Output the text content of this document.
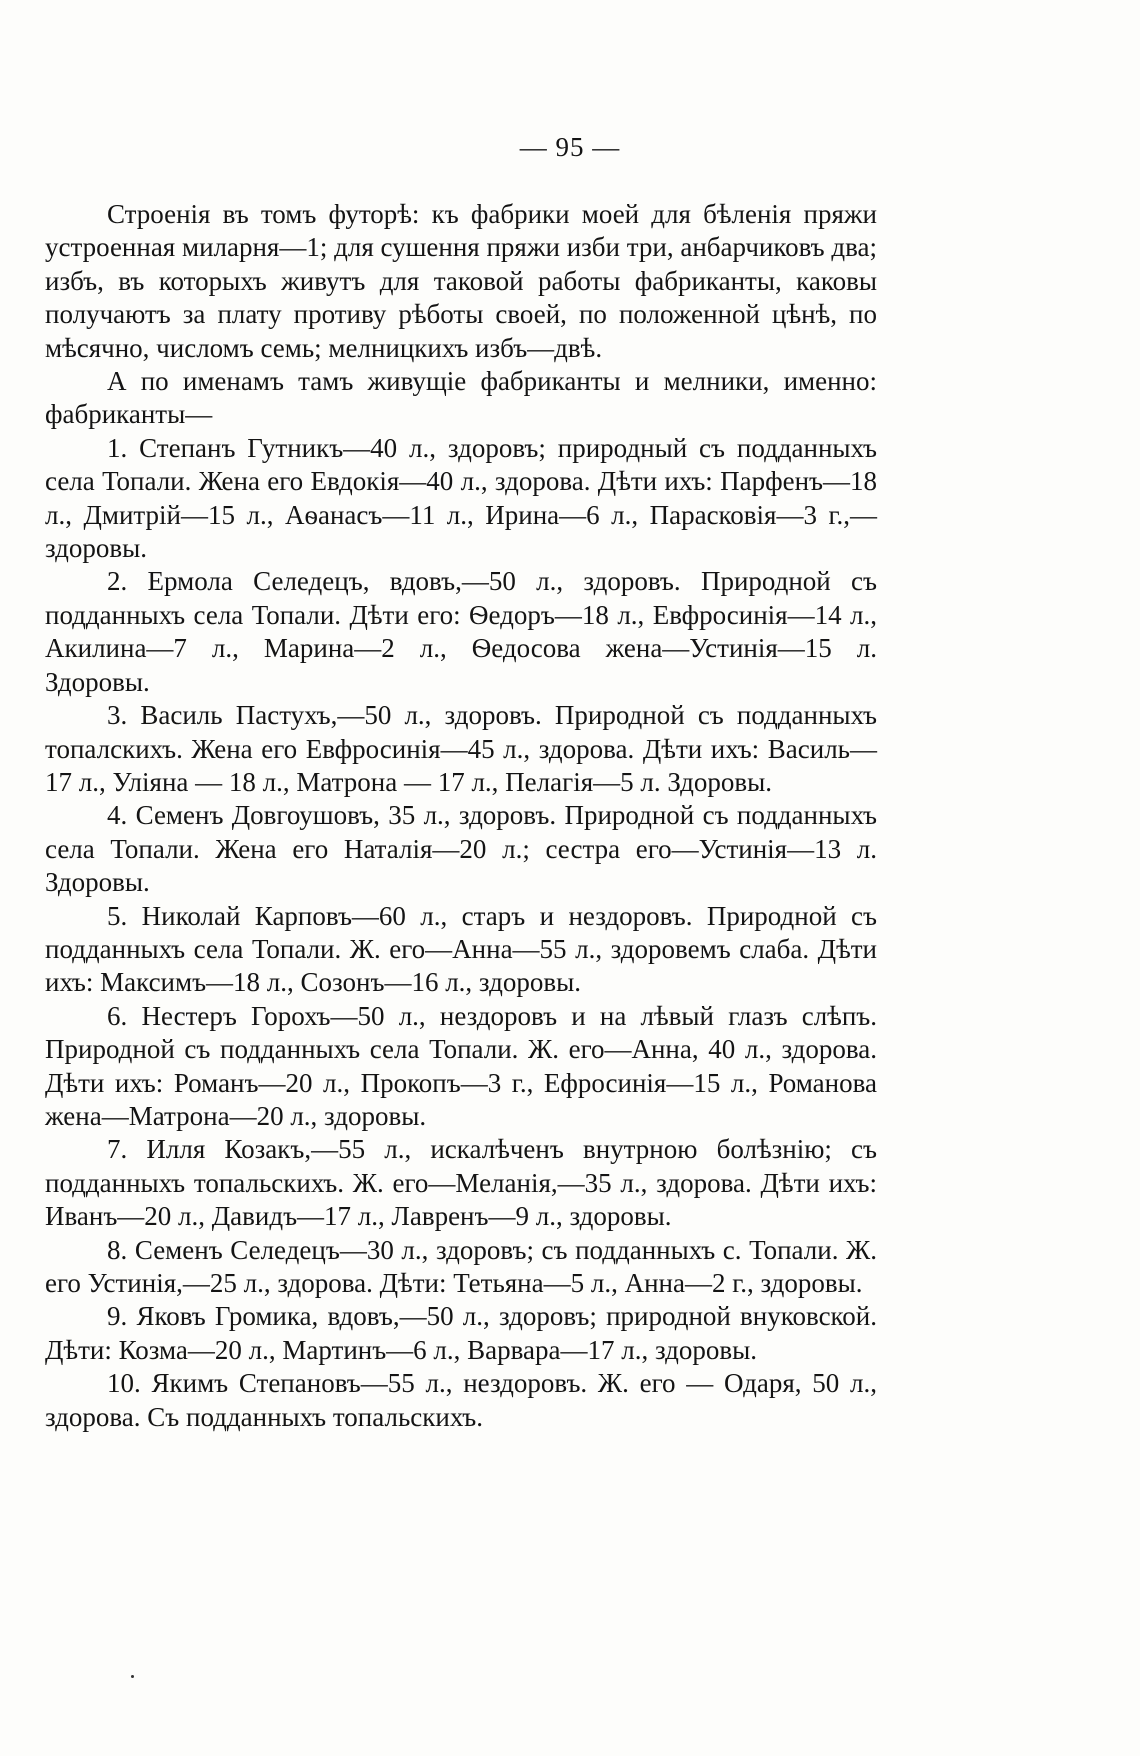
— 95 —

Строенія въ томъ футорѣ: къ фабрики моей для бѣленія пряжи устроенная миларня—1; для сушення пряжи изби три, анбарчиковъ два; избъ, въ которыхъ живутъ для таковой работы фабриканты, каковы получаютъ за плату противу рѣботы своей, по положенной цѣнѣ, по мѣсячно, числомъ семь; мелницкихъ избъ—двѣ.

А по именамъ тамъ живущіе фабриканты и мелники, именно: фабриканты—

1. Степанъ Гутникъ—40 л., здоровъ; природный съ подданныхъ села Топали. Жена его Евдокія—40 л., здорова. Дѣти ихъ: Парфенъ—18 л., Дмитрій—15 л., Аѳанасъ—11 л., Ирина—6 л., Парасковія—3 г.,—здоровы.

2. Ермола Селедецъ, вдовъ,—50 л., здоровъ. Природной съ подданныхъ села Топали. Дѣти его: Ѳедоръ—18 л., Евфросинія—14 л., Акилина—7 л., Марина—2 л., Ѳедосова жена—Устинія—15 л. Здоровы.

3. Василь Пастухъ,—50 л., здоровъ. Природной съ подданныхъ топалскихъ. Жена его Евфросинія—45 л., здорова. Дѣти ихъ: Василь—17 л., Уліяна — 18 л., Матрона — 17 л., Пелагія—5 л. Здоровы.

4. Семенъ Довгоушовъ, 35 л., здоровъ. Природной съ подданныхъ села Топали. Жена его Наталія—20 л.; сестра его—Устинія—13 л. Здоровы.

5. Николай Карповъ—60 л., старъ и нездоровъ. Природной съ подданныхъ села Топали. Ж. его—Анна—55 л., здоровемъ слаба. Дѣти ихъ: Максимъ—18 л., Созонъ—16 л., здоровы.

6. Нестеръ Горохъ—50 л., нездоровъ и на лѣвый глазъ слѣпъ. Природной съ подданныхъ села Топали. Ж. его—Анна, 40 л., здорова. Дѣти ихъ: Романъ—20 л., Прокопъ—3 г., Ефросинія—15 л., Романова жена—Матрона—20 л., здоровы.

7. Илля Козакъ,—55 л., искалѣченъ внутрною болѣзнію; съ подданныхъ топальскихъ. Ж. его—Меланія,—35 л., здорова. Дѣти ихъ: Иванъ—20 л., Давидъ—17 л., Лавренъ—9 л., здоровы.

8. Семенъ Селедецъ—30 л., здоровъ; съ подданныхъ с. Топали. Ж. его Устинія,—25 л., здорова. Дѣти: Тетьяна—5 л., Анна—2 г., здоровы.

9. Яковъ Громика, вдовъ,—50 л., здоровъ; природной внуковской. Дѣти: Козма—20 л., Мартинъ—6 л., Варвара—17 л., здоровы.

10. Якимъ Степановъ—55 л., нездоровъ. Ж. его — Одаря, 50 л., здорова. Съ подданныхъ топальскихъ.
